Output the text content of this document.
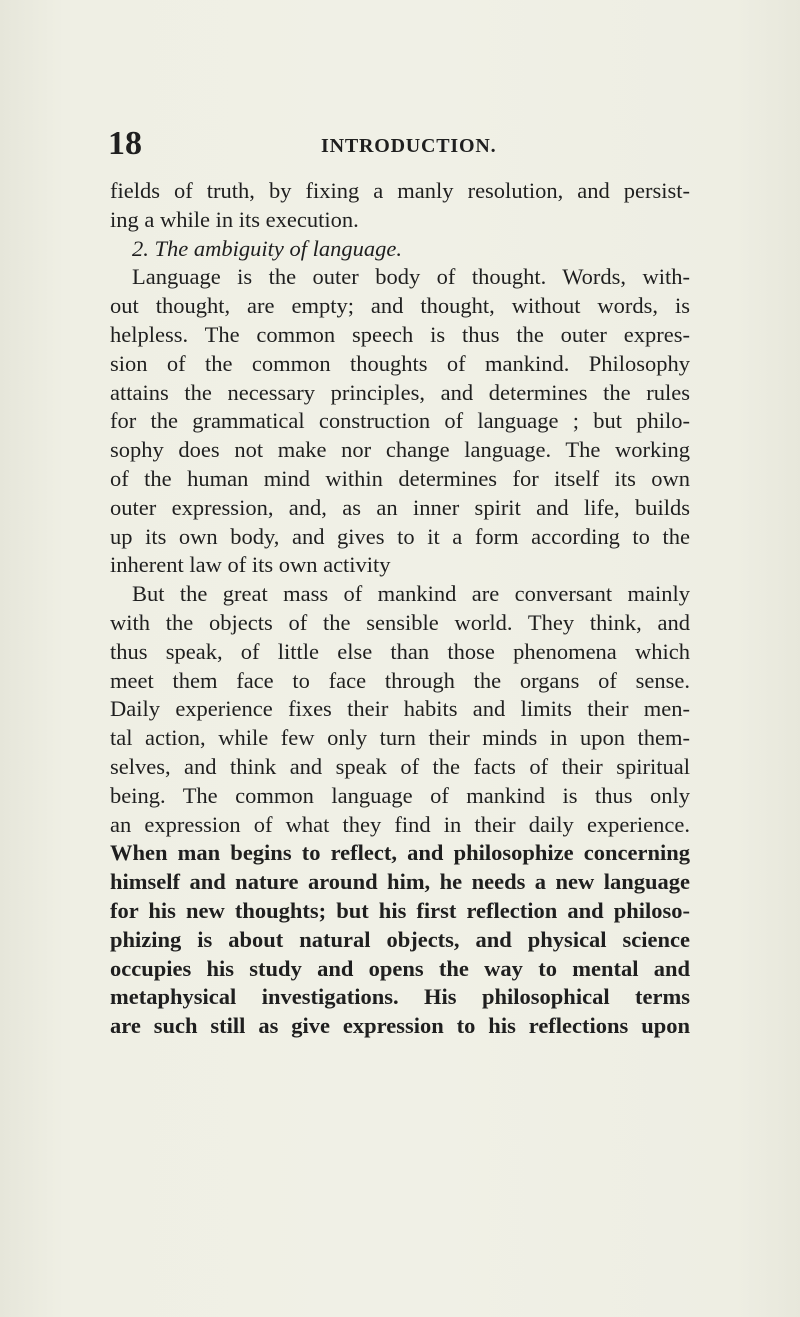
18	INTRODUCTION.
fields of truth, by fixing a manly resolution, and persist-
ing a while in its execution.
2. The ambiguity of language.
Language is the outer body of thought. Words, with-
out thought, are empty; and thought, without words, is
helpless. The common speech is thus the outer expres-
sion of the common thoughts of mankind. Philosophy
attains the necessary principles, and determines the rules
for the grammatical construction of language ; but philo-
sophy does not make nor change language. The working
of the human mind within determines for itself its own
outer expression, and, as an inner spirit and life, builds
up its own body, and gives to it a form according to the
inherent law of its own activity
But the great mass of mankind are conversant mainly
with the objects of the sensible world. They think, and
thus speak, of little else than those phenomena which
meet them face to face through the organs of sense.
Daily experience fixes their habits and limits their men-
tal action, while few only turn their minds in upon them-
selves, and think and speak of the facts of their spiritual
being. The common language of mankind is thus only
an expression of what they find in their daily experience.
When man begins to reflect, and philosophize concerning
himself and nature around him, he needs a new language
for his new thoughts; but his first reflection and philoso-
phizing is about natural objects, and physical science
occupies his study and opens the way to mental and
metaphysical investigations. His philosophical terms
are such still as give expression to his reflections upon
